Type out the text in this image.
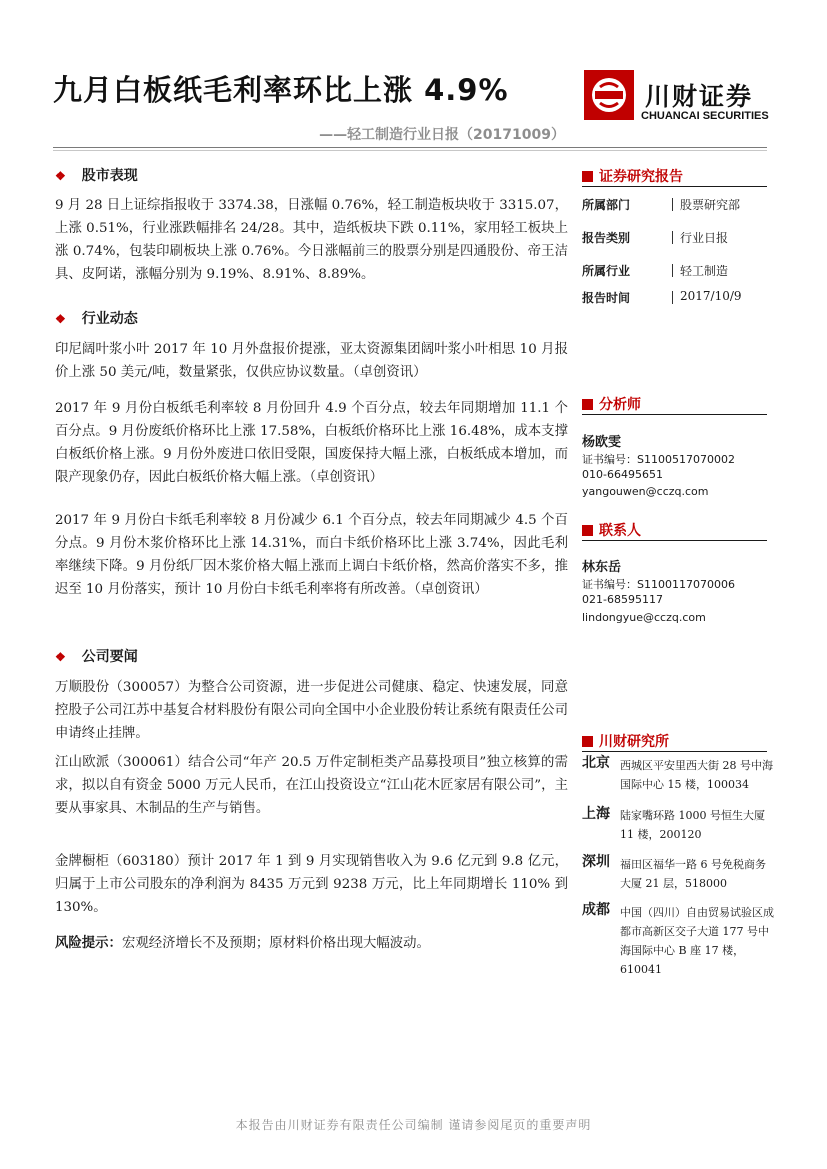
九月白板纸毛利率环比上涨 4.9%
——轻工制造行业日报（20171009）
川财证券
CHUANCAI SECURITIES
❖ 股市表现
9 月 28 日上证综指报收于 3374.38，日涨幅 0.76%，轻工制造板块收于 3315.07，上涨 0.51%，行业涨跌幅排名 24/28。其中，造纸板块下跌 0.11%，家用轻工板块上涨 0.74%，包装印刷板块上涨 0.76%。今日涨幅前三的股票分别是四通股份、帝王洁具、皮阿诺，涨幅分别为 9.19%、8.91%、8.89%。
❖ 行业动态
印尼阔叶浆小叶 2017 年 10 月外盘报价提涨，亚太资源集团阔叶浆小叶相思 10 月报价上涨 50 美元/吨，数量紧张，仅供应协议数量。（卓创资讯）
2017 年 9 月份白板纸毛利率较 8 月份回升 4.9 个百分点，较去年同期增加 11.1 个百分点。9 月份废纸价格环比上涨 17.58%，白板纸价格环比上涨 16.48%，成本支撑白板纸价格上涨。9 月份外废进口依旧受限，国废保持大幅上涨，白板纸成本增加，而限产现象仍存，因此白板纸价格大幅上涨。（卓创资讯）
2017 年 9 月份白卡纸毛利率较 8 月份减少 6.1 个百分点，较去年同期减少 4.5 个百分点。9 月份木浆价格环比上涨 14.31%，而白卡纸价格环比上涨 3.74%，因此毛利率继续下降。9 月份纸厂因木浆价格大幅上涨而上调白卡纸价格，然高价落实不多，推迟至 10 月份落实，预计 10 月份白卡纸毛利率将有所改善。（卓创资讯）
❖ 公司要闻
万顺股份（300057）为整合公司资源，进一步促进公司健康、稳定、快速发展，同意控股子公司江苏中基复合材料股份有限公司向全国中小企业股份转让系统有限责任公司申请终止挂牌。
江山欧派（300061）结合公司“年产 20.5 万件定制柜类产品募投项目”独立核算的需求，拟以自有资金 5000 万元人民币，在江山投资设立“江山花木匠家居有限公司”，主要从事家具、木制品的生产与销售。
金牌橱柜（603180）预计 2017 年 1 到 9 月实现销售收入为 9.6 亿元到 9.8 亿元，归属于上市公司股东的净利润为 8435 万元到 9238 万元，比上年同期增长 110% 到 130%。
风险提示：宏观经济增长不及预期；原材料价格出现大幅波动。
证券研究报告
所属部门	股票研究部
报告类别	行业日报
所属行业	轻工制造
报告时间	2017/10/9
分析师
杨欧雯
证书编号：S1100517070002
010-66495651
yangouwen@cczq.com
联系人
林东岳
证书编号：S1100117070006
021-68595117
lindongyue@cczq.com
川财研究所
北京 西城区平安里西大街 28 号中海国际中心 15 楼，100034
上海 陆家嘴环路 1000 号恒生大厦 11 楼，200120
深圳 福田区福华一路 6 号免税商务大厦 21 层，518000
成都 中国（四川）自由贸易试验区成都市高新区交子大道 177 号中海国际中心 B 座 17 楼，610041
本报告由川财证券有限责任公司编制 谨请参阅尾页的重要声明
